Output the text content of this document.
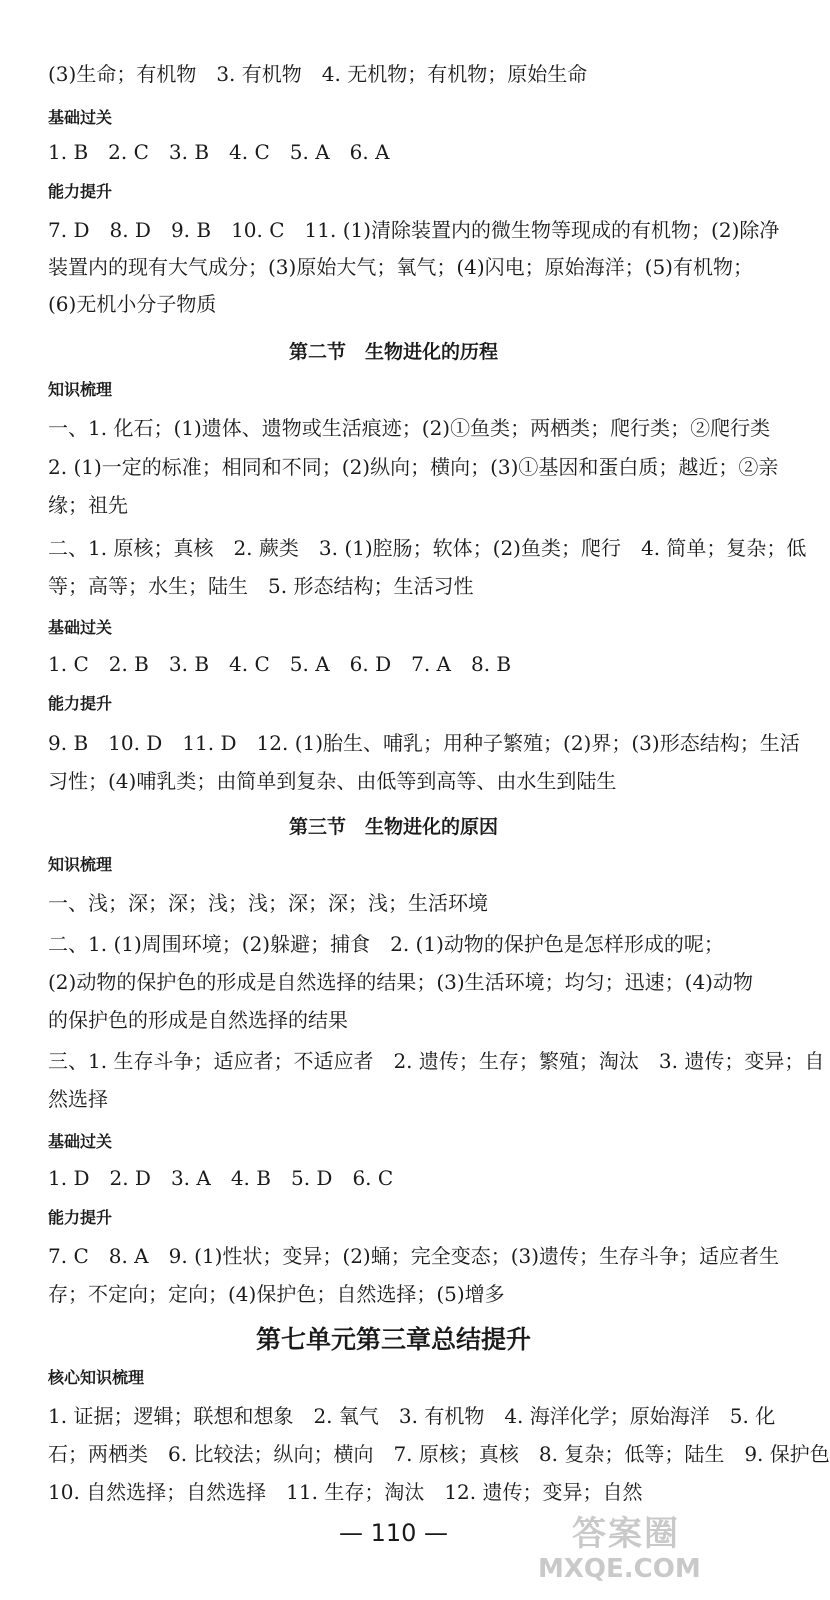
(3)生命；有机物　3. 有机物　4. 无机物；有机物；原始生命
基础过关
1. B　2. C　3. B　4. C　5. A　6. A
能力提升
7. D　8. D　9. B　10. C　11. (1)清除装置内的微生物等现成的有机物；(2)除净
装置内的现有大气成分；(3)原始大气；氧气；(4)闪电；原始海洋；(5)有机物；
(6)无机小分子物质
第二节　生物进化的历程
知识梳理
一、1. 化石；(1)遗体、遗物或生活痕迹；(2)①鱼类；两栖类；爬行类；②爬行类
2. (1)一定的标准；相同和不同；(2)纵向；横向；(3)①基因和蛋白质；越近；②亲
缘；祖先
二、1. 原核；真核　2. 蕨类　3. (1)腔肠；软体；(2)鱼类；爬行　4. 简单；复杂；低
等；高等；水生；陆生　5. 形态结构；生活习性
基础过关
1. C　2. B　3. B　4. C　5. A　6. D　7. A　8. B
能力提升
9. B　10. D　11. D　12. (1)胎生、哺乳；用种子繁殖；(2)界；(3)形态结构；生活
习性；(4)哺乳类；由简单到复杂、由低等到高等、由水生到陆生
第三节　生物进化的原因
知识梳理
一、浅；深；深；浅；浅；深；深；浅；生活环境
二、1. (1)周围环境；(2)躲避；捕食　2. (1)动物的保护色是怎样形成的呢；
(2)动物的保护色的形成是自然选择的结果；(3)生活环境；均匀；迅速；(4)动物
的保护色的形成是自然选择的结果
三、1. 生存斗争；适应者；不适应者　2. 遗传；生存；繁殖；淘汰　3. 遗传；变异；自
然选择
基础过关
1. D　2. D　3. A　4. B　5. D　6. C
能力提升
7. C　8. A　9. (1)性状；变异；(2)蛹；完全变态；(3)遗传；生存斗争；适应者生
存；不定向；定向；(4)保护色；自然选择；(5)增多
第七单元第三章总结提升
核心知识梳理
1. 证据；逻辑；联想和想象　2. 氧气　3. 有机物　4. 海洋化学；原始海洋　5. 化
石；两栖类　6. 比较法；纵向；横向　7. 原核；真核　8. 复杂；低等；陆生　9. 保护色
10. 自然选择；自然选择　11. 生存；淘汰　12. 遗传；变异；自然
— 110 —	答案圈
MXQE.COM
